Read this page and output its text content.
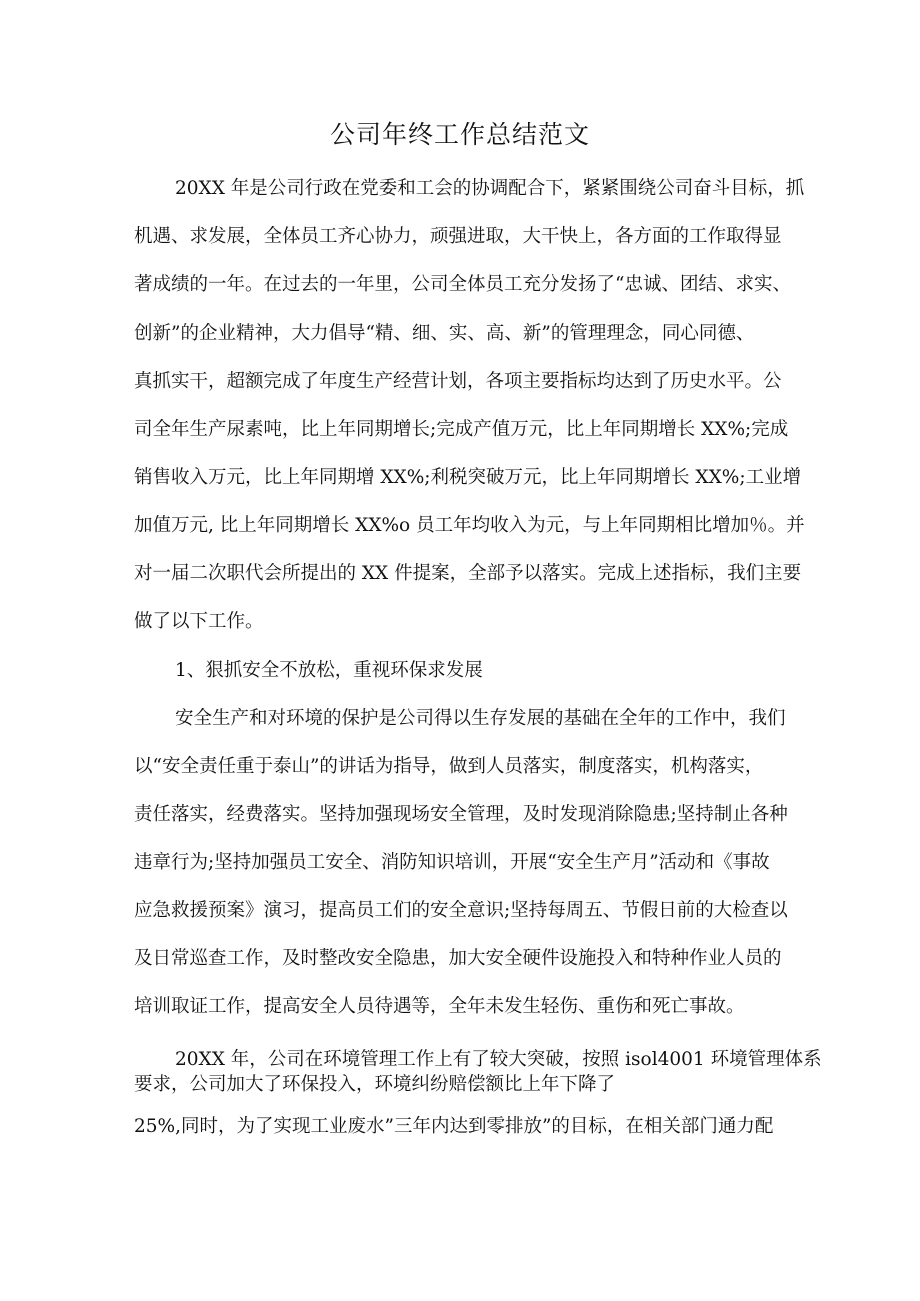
公司年终工作总结范文
20XX 年是公司行政在党委和工会的协调配合下，紧紧围绕公司奋斗目标，抓
机遇、求发展，全体员工齐心协力，顽强进取，大干快上，各方面的工作取得显
著成绩的一年。在过去的一年里，公司全体员工充分发扬了“忠诚、团结、求实、
创新”的企业精神，大力倡导“精、细、实、高、新”的管理理念，同心同德、
真抓实干，超额完成了年度生产经营计划，各项主要指标均达到了历史水平。公
司全年生产尿素吨，比上年同期增长;完成产值万元，比上年同期增长 XX%;完成
销售收入万元，比上年同期增 XX%;利税突破万元，比上年同期增长 XX%;工业增
加值万元, 比上年同期增长 XX%o 员工年均收入为元，与上年同期相比增加％。并
对一届二次职代会所提出的 XX 件提案，全部予以落实。完成上述指标，我们主要
做了以下工作。
1、狠抓安全不放松，重视环保求发展
安全生产和对环境的保护是公司得以生存发展的基础在全年的工作中，我们
以“安全责任重于泰山”的讲话为指导，做到人员落实，制度落实，机构落实，
责任落实，经费落实。坚持加强现场安全管理，及时发现消除隐患;坚持制止各种
违章行为;坚持加强员工安全、消防知识培训，开展“安全生产月”活动和《事故
应急救援预案》演习，提高员工们的安全意识;坚持每周五、节假日前的大检查以
及日常巡查工作，及时整改安全隐患，加大安全硬件设施投入和特种作业人员的
培训取证工作，提高安全人员待遇等，全年未发生轻伤、重伤和死亡事故。
20XX 年，公司在环境管理工作上有了较大突破，按照 isol4001 环境管理体系
要求，公司加大了环保投入，环境纠纷赔偿额比上年下降了
25%,同时，为了实现工业废水”三年内达到零排放”的目标，在相关部门通力配
